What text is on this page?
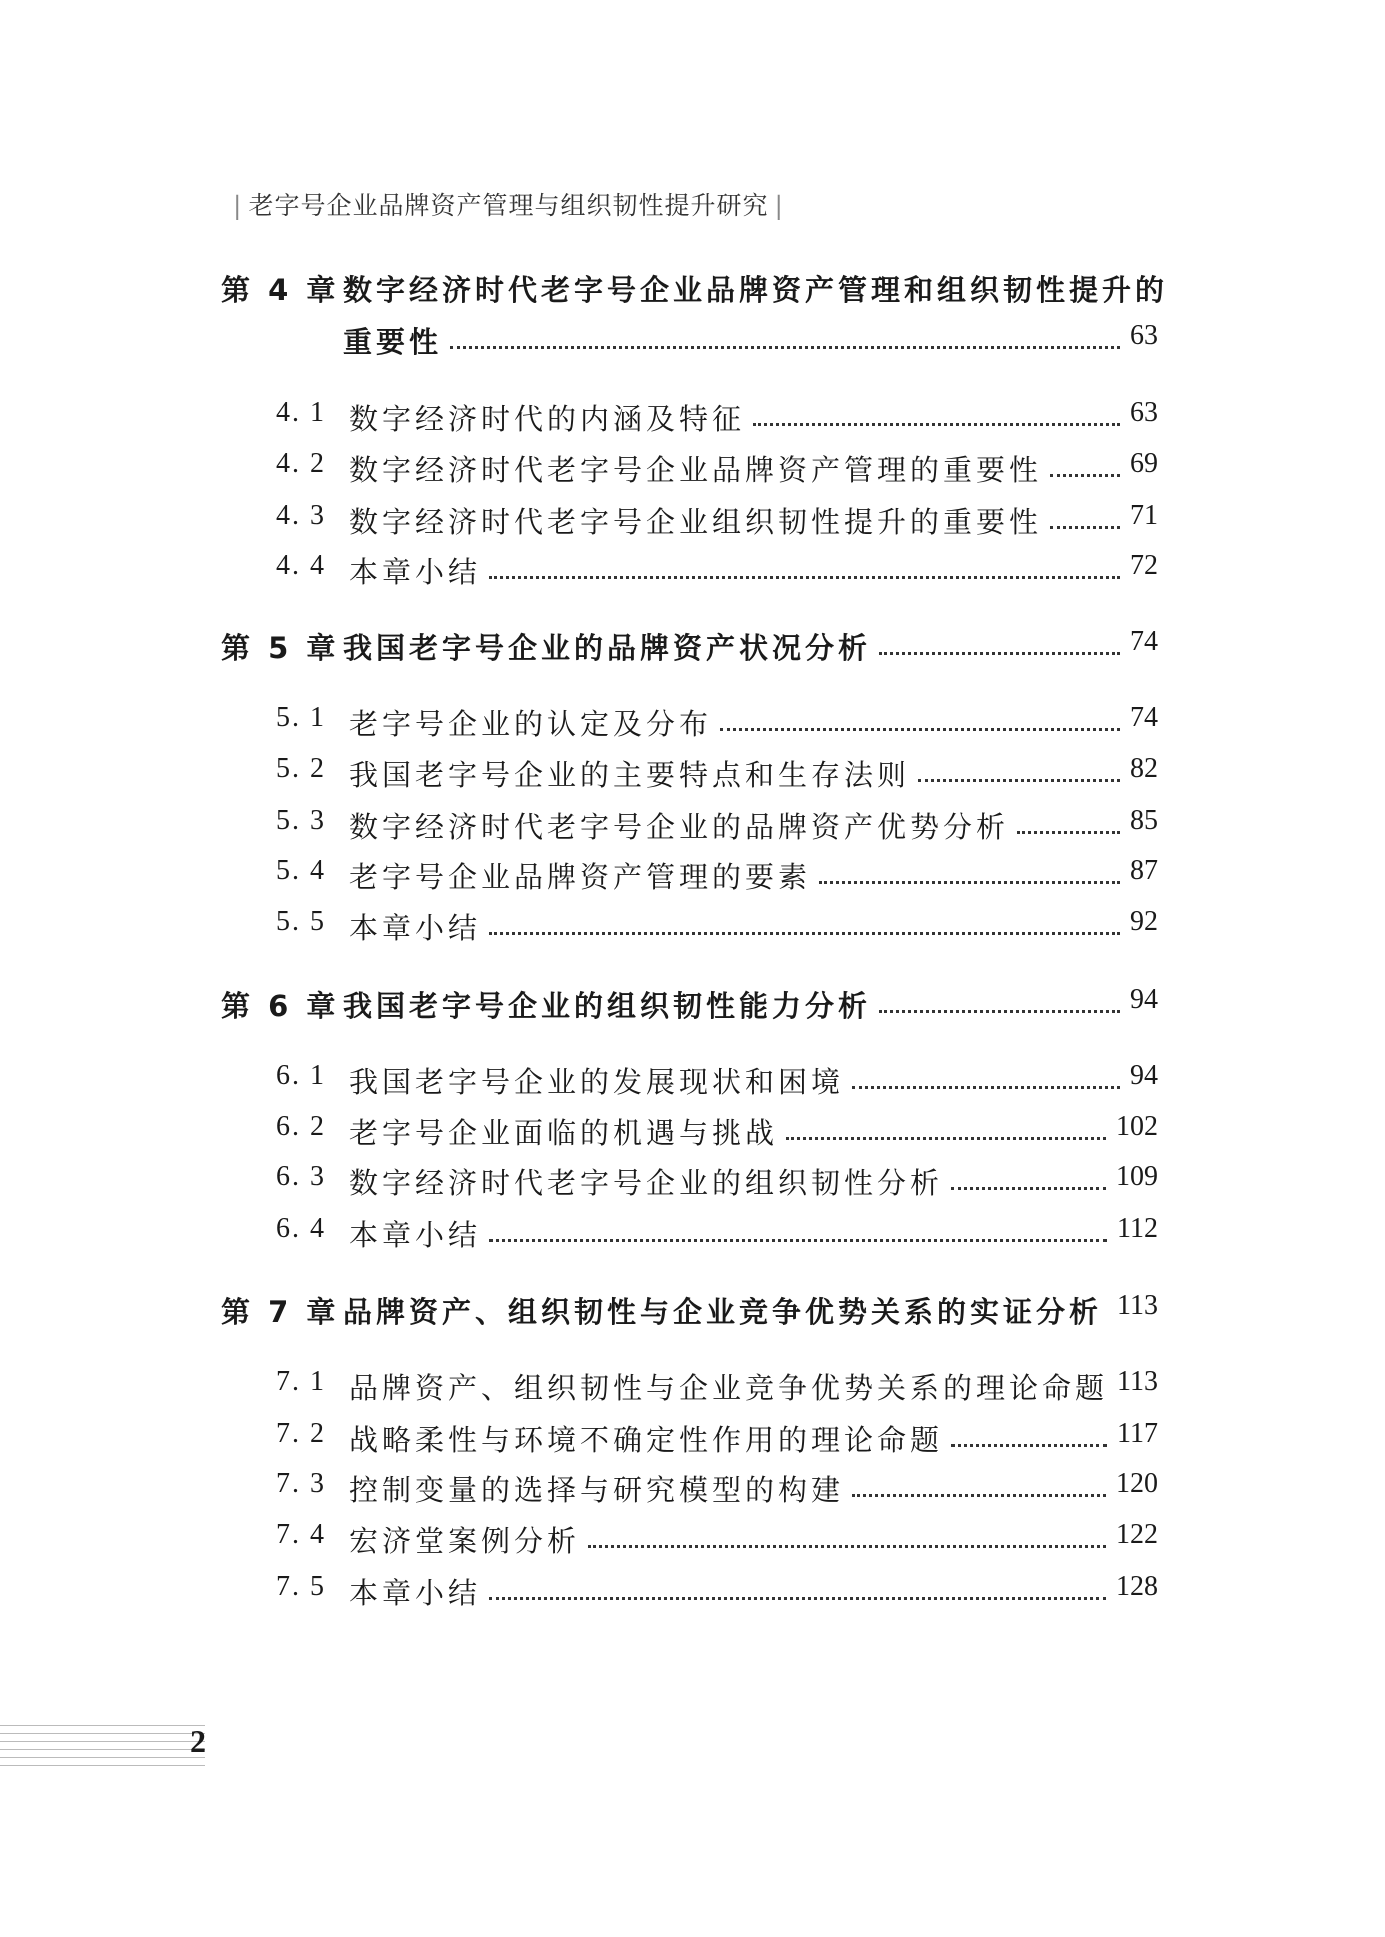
| 老字号企业品牌资产管理与组织韧性提升研究 |
第 4 章 数字经济时代老字号企业品牌资产管理和组织韧性提升的
重要性	63
4. 1 数字经济时代的内涵及特征	63
4. 2 数字经济时代老字号企业品牌资产管理的重要性	69
4. 3 数字经济时代老字号企业组织韧性提升的重要性	71
4. 4 本章小结	72
第 5 章 我国老字号企业的品牌资产状况分析	74
5. 1 老字号企业的认定及分布	74
5. 2 我国老字号企业的主要特点和生存法则	82
5. 3 数字经济时代老字号企业的品牌资产优势分析	85
5. 4 老字号企业品牌资产管理的要素	87
5. 5 本章小结	92
第 6 章 我国老字号企业的组织韧性能力分析	94
6. 1 我国老字号企业的发展现状和困境	94
6. 2 老字号企业面临的机遇与挑战	102
6. 3 数字经济时代老字号企业的组织韧性分析	109
6. 4 本章小结	112
第 7 章 品牌资产、组织韧性与企业竞争优势关系的实证分析 113
7. 1 品牌资产、组织韧性与企业竞争优势关系的理论命题 113
7. 2 战略柔性与环境不确定性作用的理论命题	117
7. 3 控制变量的选择与研究模型的构建	120
7. 4 宏济堂案例分析	122
7. 5 本章小结	128
2
